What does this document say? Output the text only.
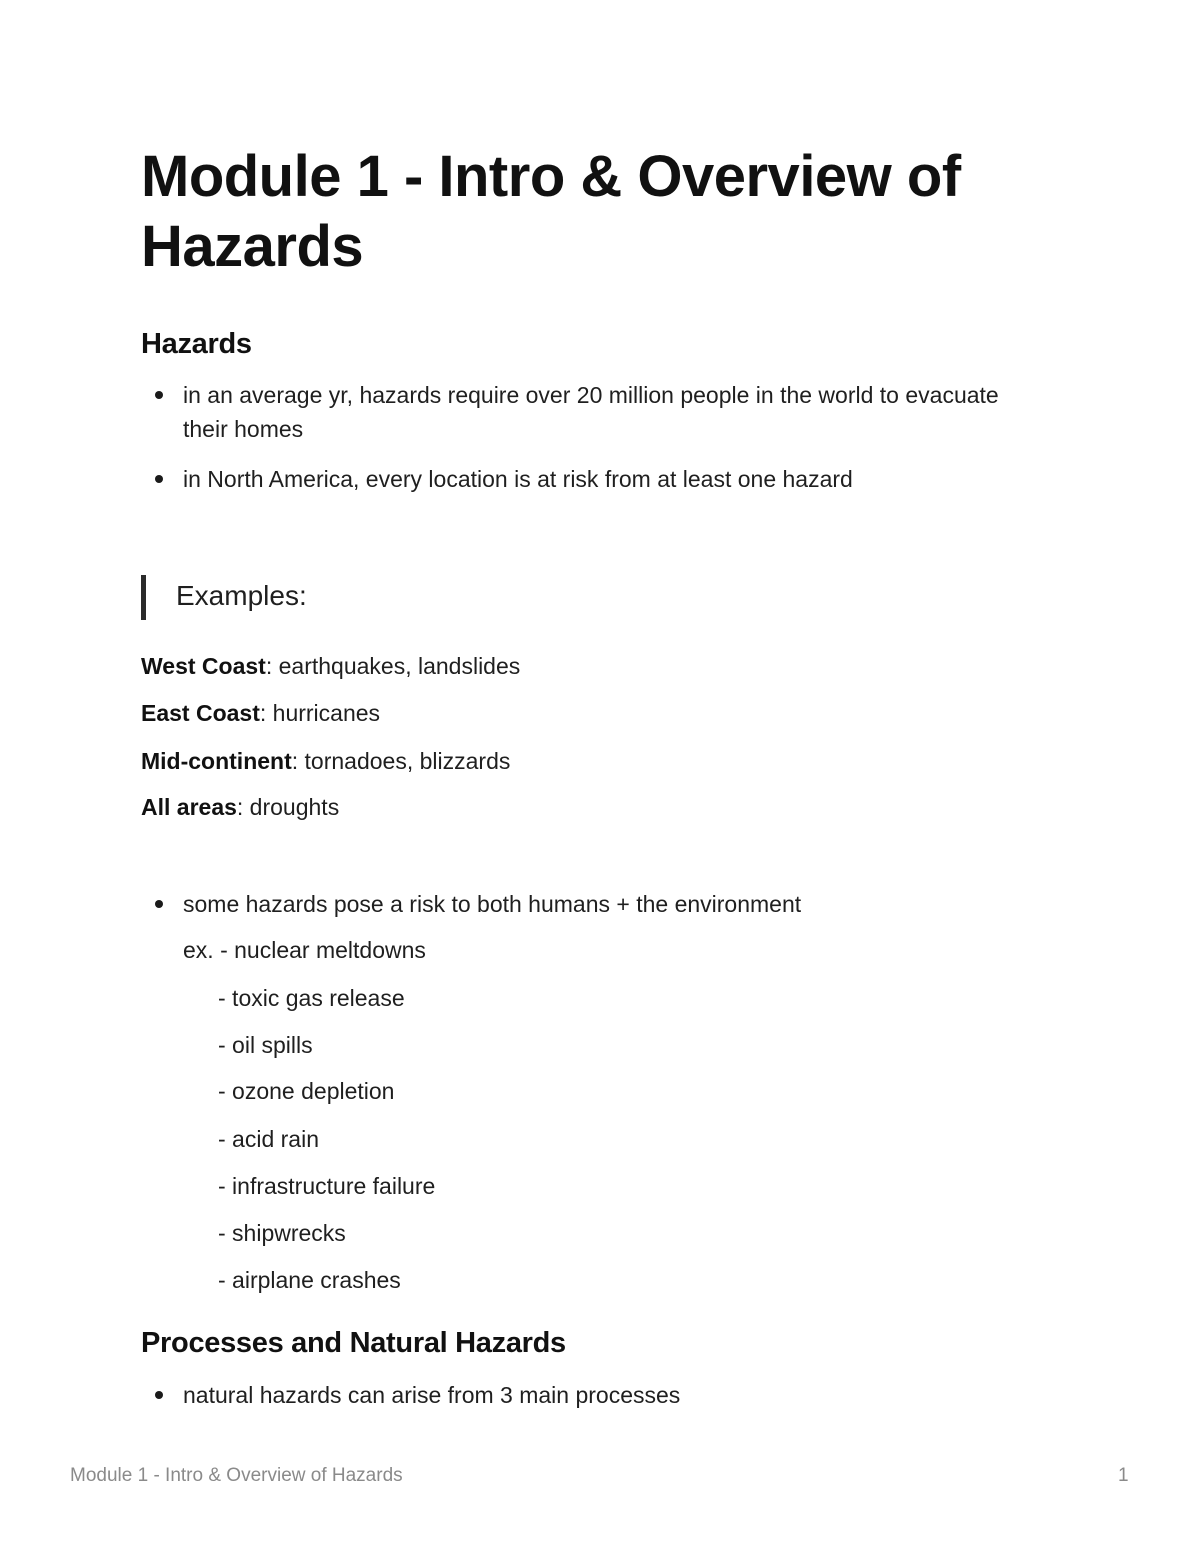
Module 1 - Intro & Overview of Hazards
Hazards
in an average yr, hazards require over 20 million people in the world to evacuate their homes
in North America, every location is at risk from at least one hazard
Examples:

West Coast: earthquakes, landslides

East Coast: hurricanes

Mid-continent: tornadoes, blizzards

All areas: droughts

some hazards pose a risk to both humans + the environment
ex. - nuclear meltdowns
- toxic gas release
- oil spills
- ozone depletion
- acid rain
- infrastructure failure
- shipwrecks
- airplane crashes
Processes and Natural Hazards
natural hazards can arise from 3 main processes
Module 1 - Intro & Overview of Hazards	1
